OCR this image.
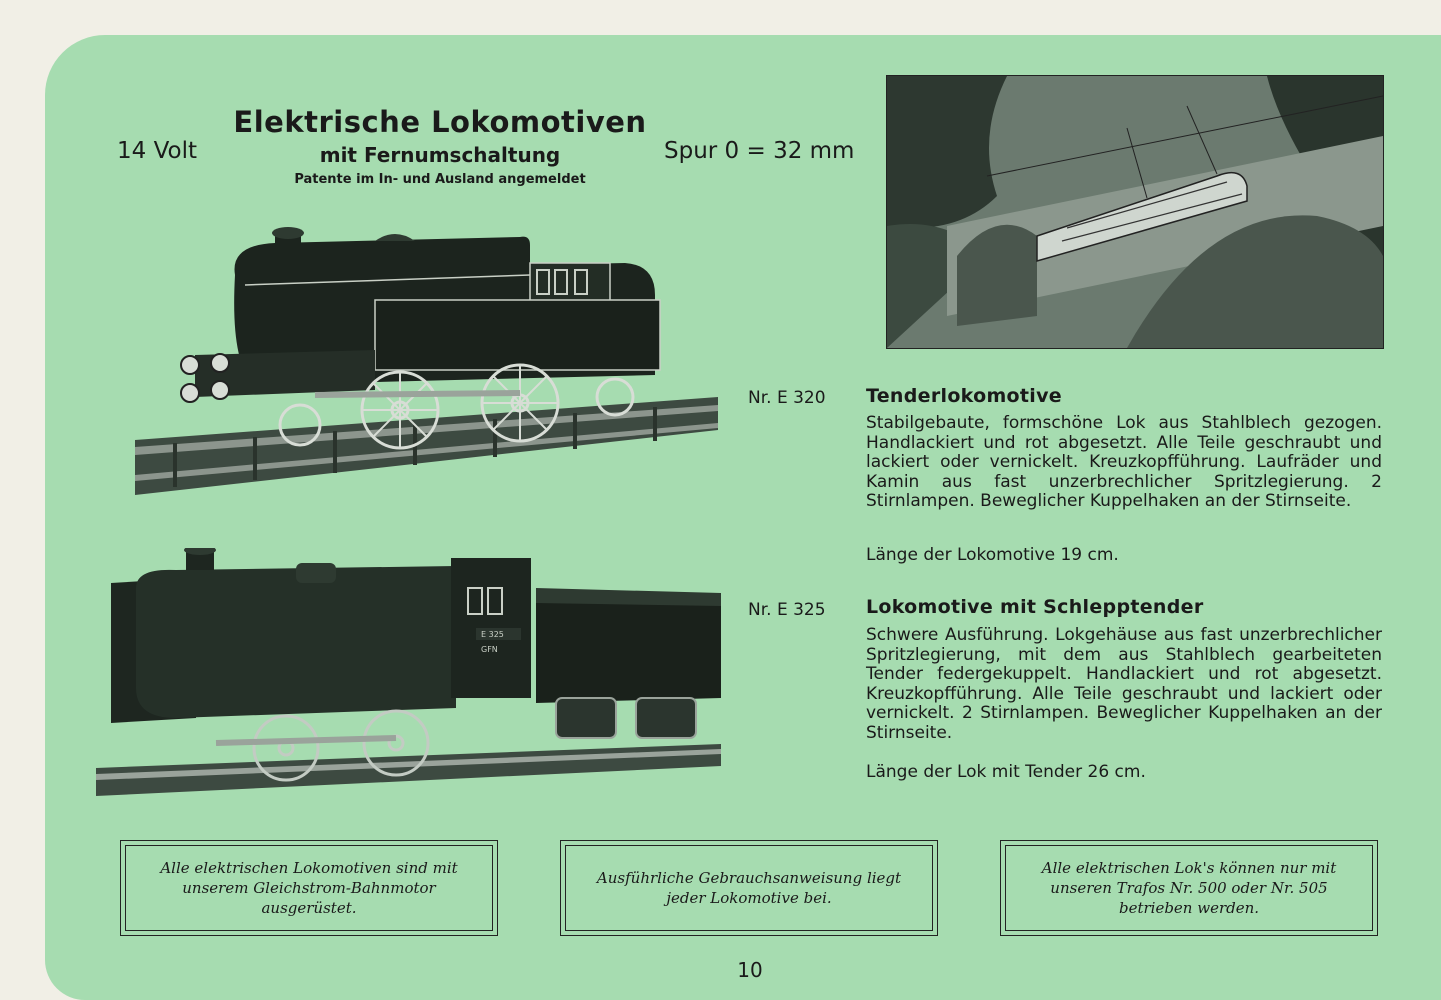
14 Volt
Elektrische Lokomotiven
mit Fernumschaltung
Patente im In- und Ausland angemeldet
Spur 0 = 32 mm
E 325
GFN
Nr. E 320 Tenderlokomotive

Stabilgebaute, formschöne Lok aus Stahlblech gezogen. Handlackiert und rot abgesetzt. Alle Teile geschraubt und lackiert oder vernickelt. Kreuzkopfführung. Laufräder und Kamin aus fast unzerbrechlicher Spritzlegierung. 2 Stirnlampen. Beweglicher Kuppelhaken an der Stirnseite.

Länge der Lokomotive 19 cm.
Nr. E 325 Lokomotive mit Schlepptender

Schwere Ausführung. Lokgehäuse aus fast unzerbrechlicher Spritzlegierung, mit dem aus Stahlblech gearbeiteten Tender federgekuppelt. Handlackiert und rot abgesetzt. Kreuzkopfführung. Alle Teile geschraubt und lackiert oder vernickelt. 2 Stirnlampen. Beweglicher Kuppelhaken an der Stirnseite.

Länge der Lok mit Tender 26 cm.

Alle elektrischen Lokomotiven sind mit unserem Gleichstrom-Bahnmotor ausgerüstet.

Ausführliche Gebrauchsanweisung liegt jeder Lokomotive bei.

Alle elektrischen Lok's können nur mit unseren Trafos Nr. 500 oder Nr. 505 betrieben werden.

10
